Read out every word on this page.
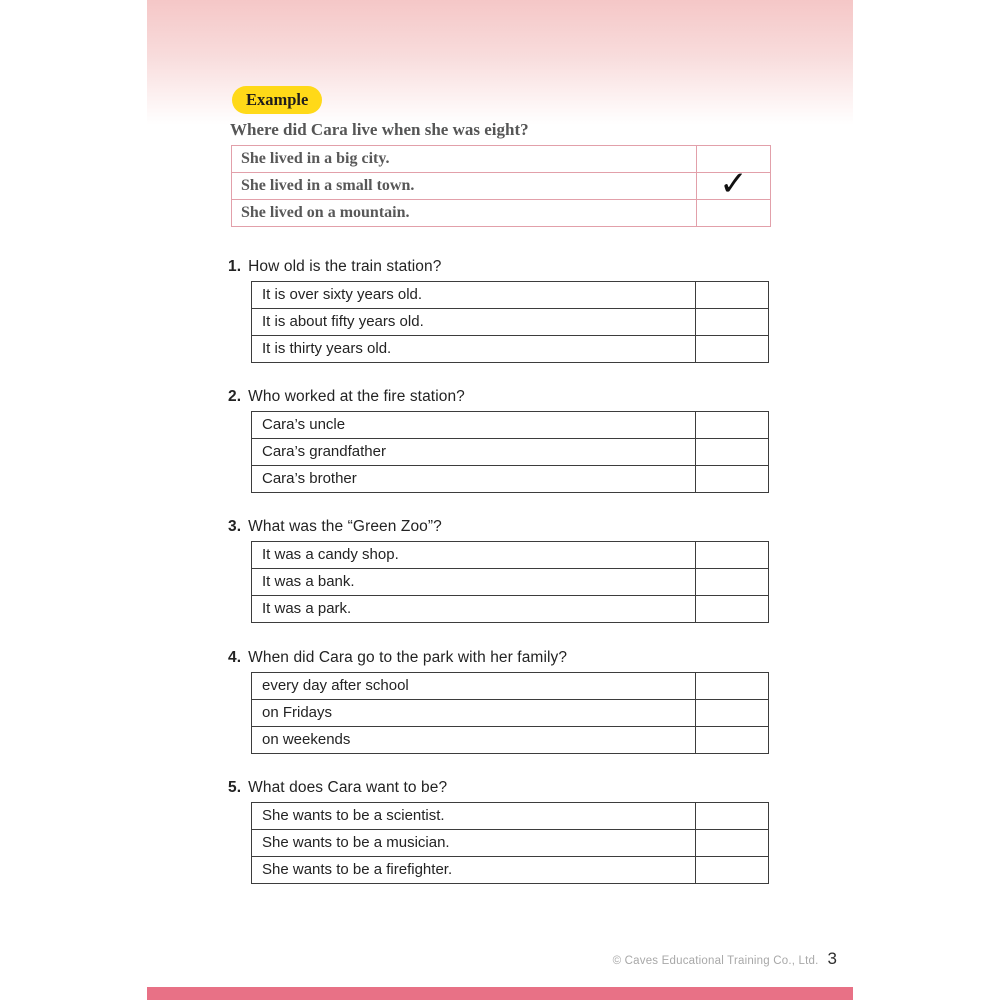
Example

Where did Cara live when she was eight?

She lived in a big city.
She lived in a small town.	✓
She lived on a mountain.

1. How old is the train station?

It is over sixty years old.
It is about fifty years old.
It is thirty years old.

2. Who worked at the fire station?

Cara’s uncle
Cara’s grandfather
Cara’s brother

3. What was the “Green Zoo”?

It was a candy shop.
It was a bank.
It was a park.

4. When did Cara go to the park with her family?

every day after school
on Fridays
on weekends

5. What does Cara want to be?

She wants to be a scientist.
She wants to be a musician.
She wants to be a firefighter.
© Caves Educational Training Co., Ltd. 3
